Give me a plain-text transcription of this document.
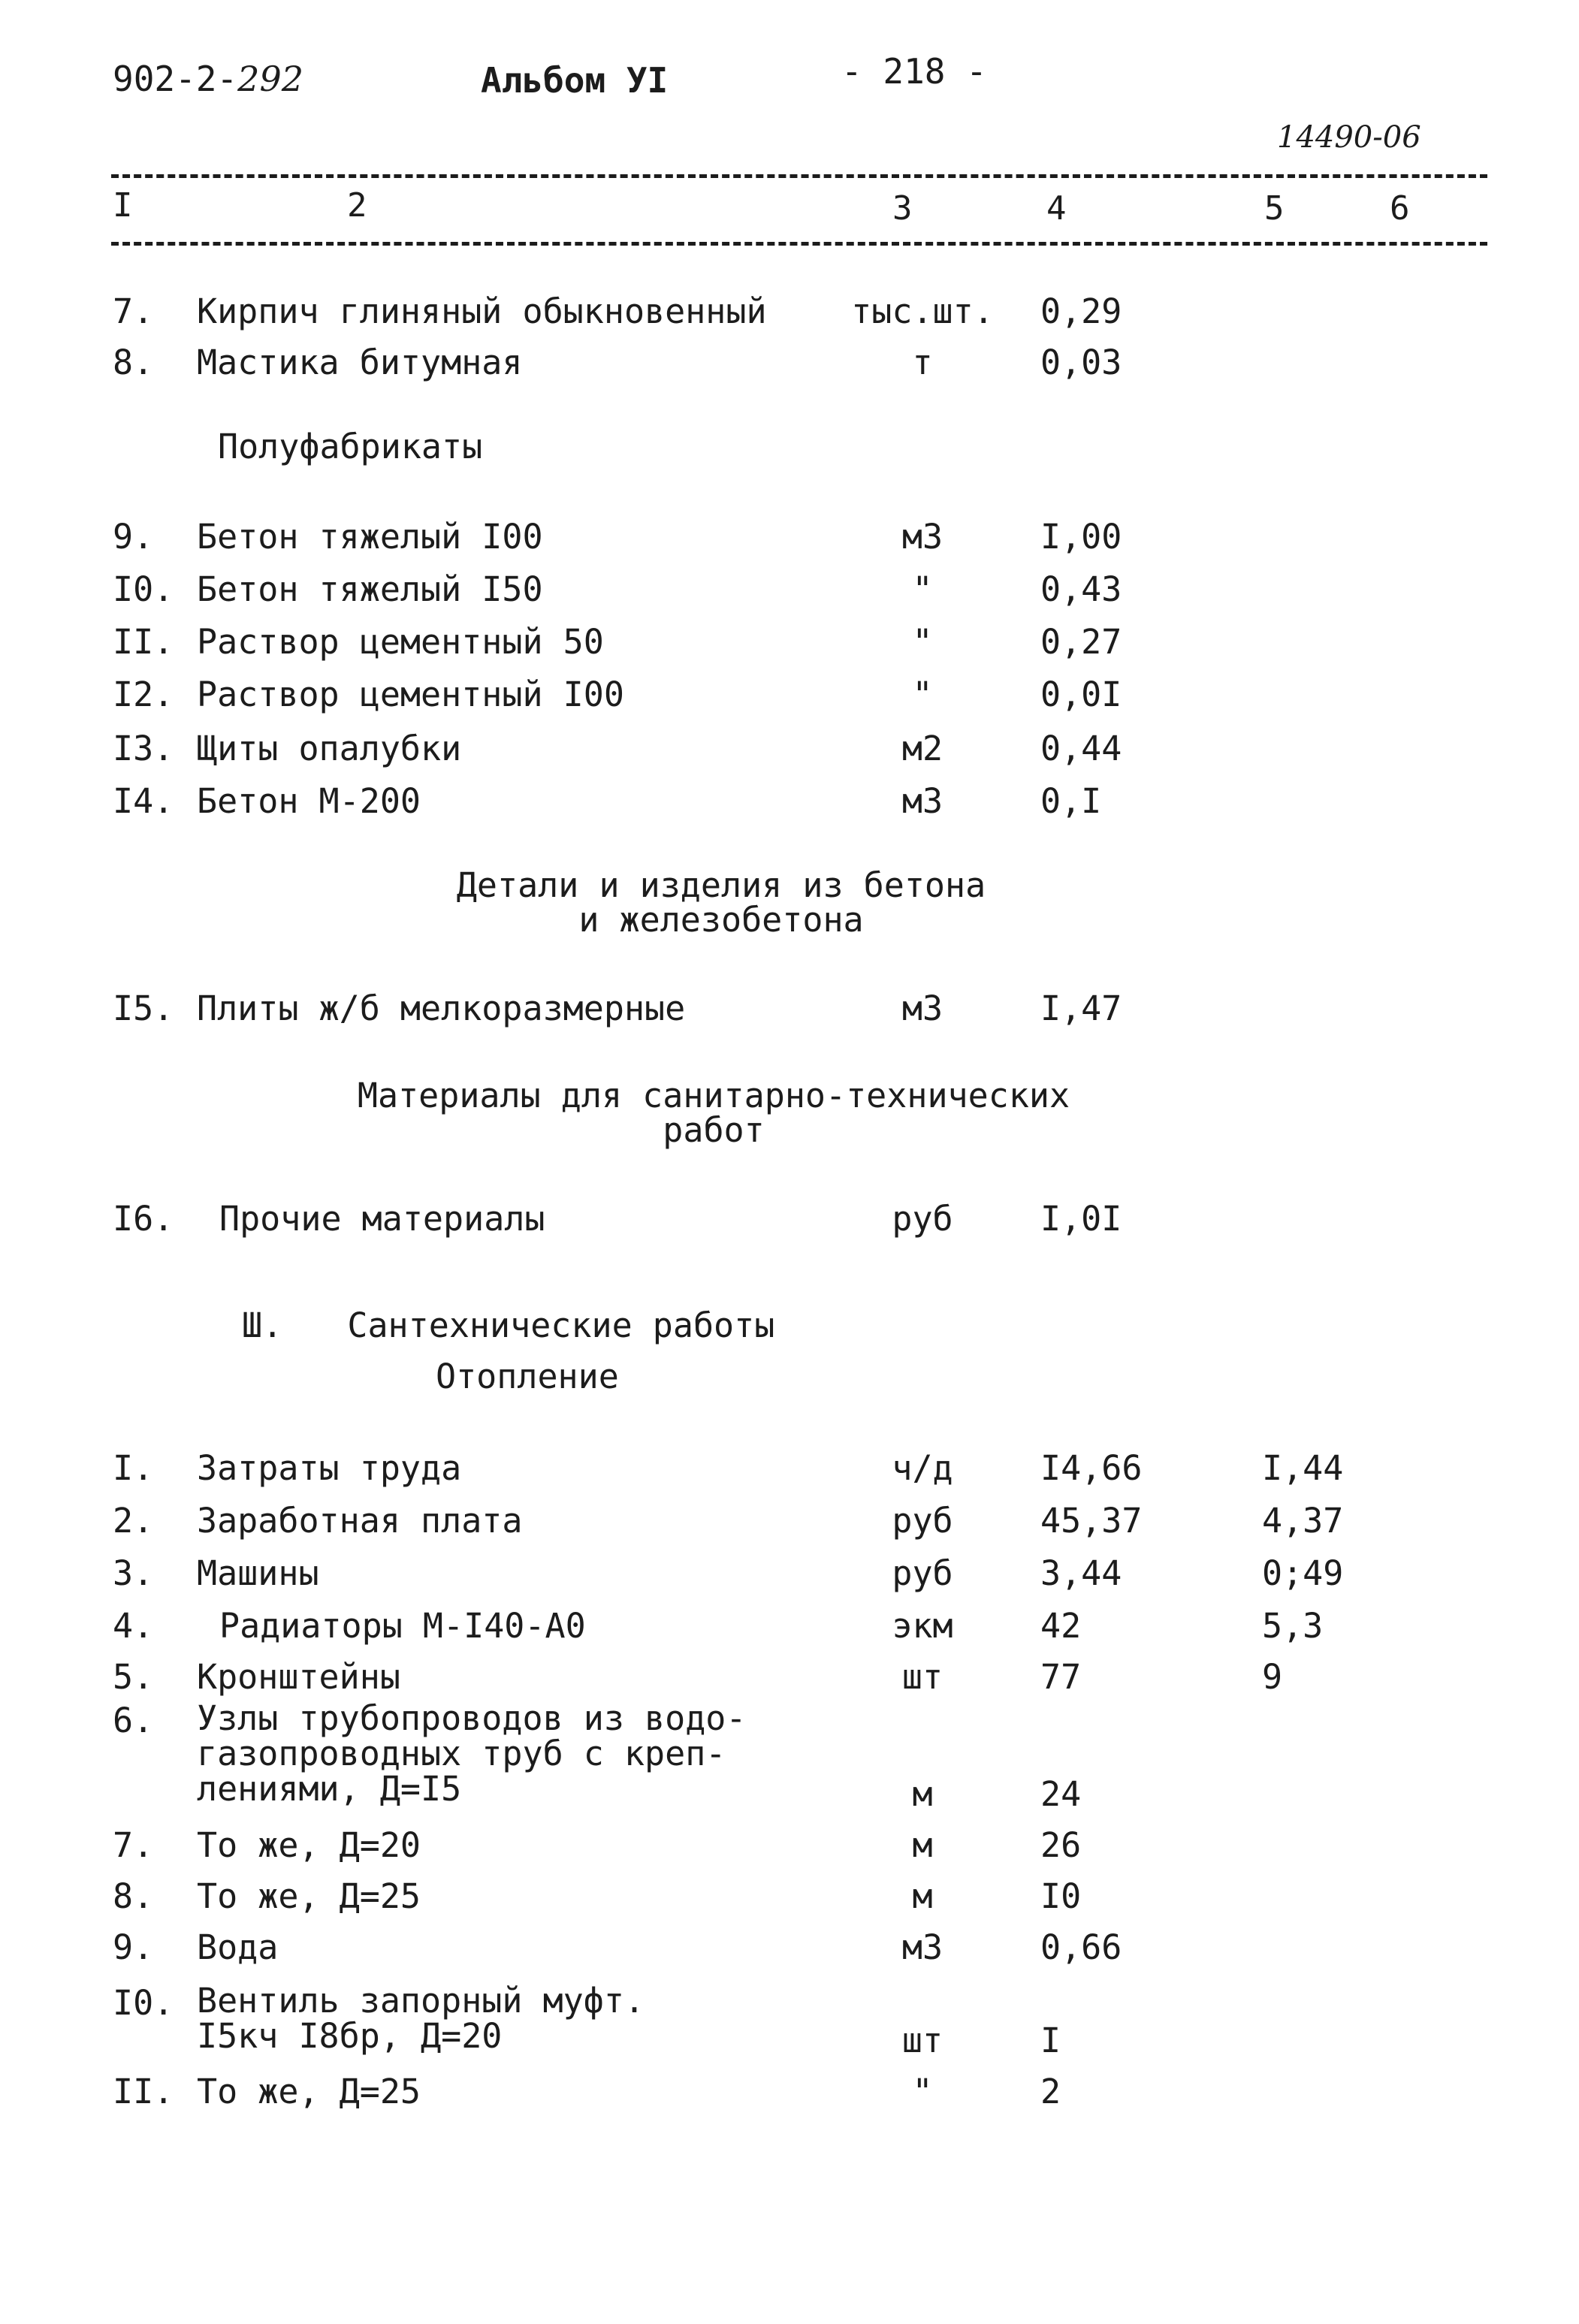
902-2-292	Альбом УI	- 218 -
14490-06
I	2	3	4	5	6
7. Кирпич глиняный обыкновенный	тыс.шт. 0,29
8. Мастика битумная	т	0,03
Полуфабрикаты
9. Бетон тяжелый I00	м3	I,00
I0. Бетон тяжелый I50	"	0,43
II. Раствор цементный 50	"	0,27
I2. Раствор цементный I00	"	0,0I
I3. Щиты опалубки	м2	0,44
I4. Бетон М-200	м3	0,I
Детали и изделия из бетона
и железобетона
I5. Плиты ж/б мелкоразмерные	м3	I,47
Материалы для санитарно-технических
работ
I6. Прочие материалы	руб	I,0I
Ш. Сантехнические работы
Отопление
I. Затраты труда	ч/д	I4,66	I,44
2. Заработная плата	руб	45,37	4,37
3. Машины	руб	3,44	0;49
4. Радиаторы М-I40-А0	экм	42	5,3
5. Кронштейны	шт	77	9
6. Узлы трубопроводов из водо-
газопроводных труб с креп-
лениями, Д=I5	м	24
7. То же, Д=20	м	26
8. То же, Д=25	м	I0
9. Вода	м3	0,66
I0. Вентиль запорный муфт.
I5кч I8бр, Д=20	шт	I
II. То же, Д=25	"	2
